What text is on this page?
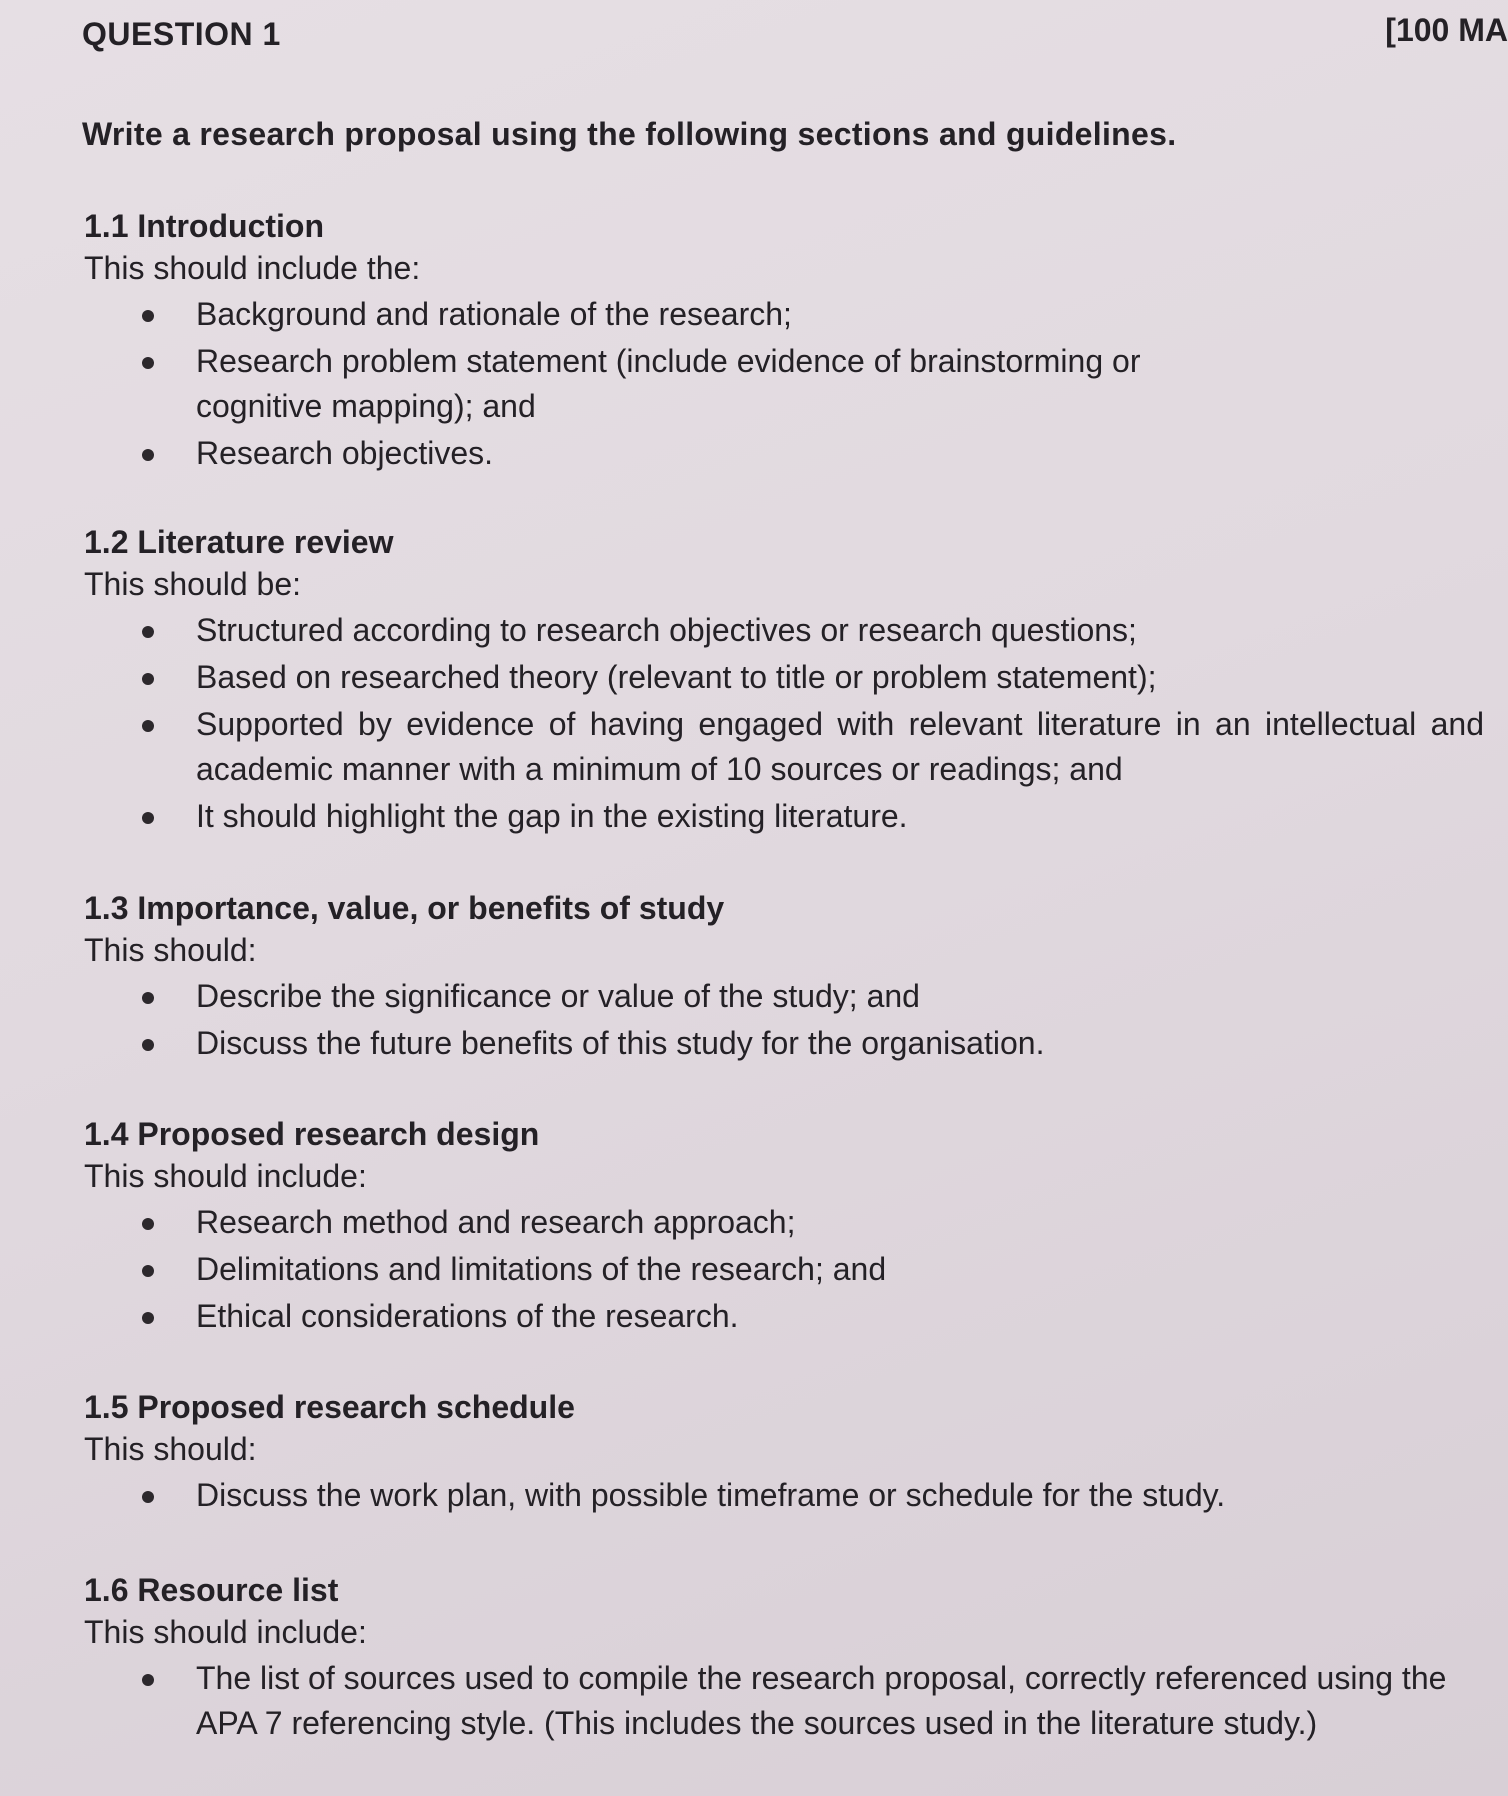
QUESTION 1	[100 MA
Write a research proposal using the following sections and guidelines.
1.1 Introduction
This should include the:
Background and rationale of the research;
Research problem statement (include evidence of brainstorming or cognitive mapping); and
Research objectives.
1.2 Literature review
This should be:
Structured according to research objectives or research questions;
Based on researched theory (relevant to title or problem statement);
Supported by evidence of having engaged with relevant literature in an intellectual and academic manner with a minimum of 10 sources or readings; and
It should highlight the gap in the existing literature.
1.3 Importance, value, or benefits of study
This should:
Describe the significance or value of the study; and
Discuss the future benefits of this study for the organisation.
1.4 Proposed research design
This should include:
Research method and research approach;
Delimitations and limitations of the research; and
Ethical considerations of the research.
1.5 Proposed research schedule
This should:
Discuss the work plan, with possible timeframe or schedule for the study.
1.6 Resource list
This should include:
The list of sources used to compile the research proposal, correctly referenced using the APA 7 referencing style. (This includes the sources used in the literature study.)
